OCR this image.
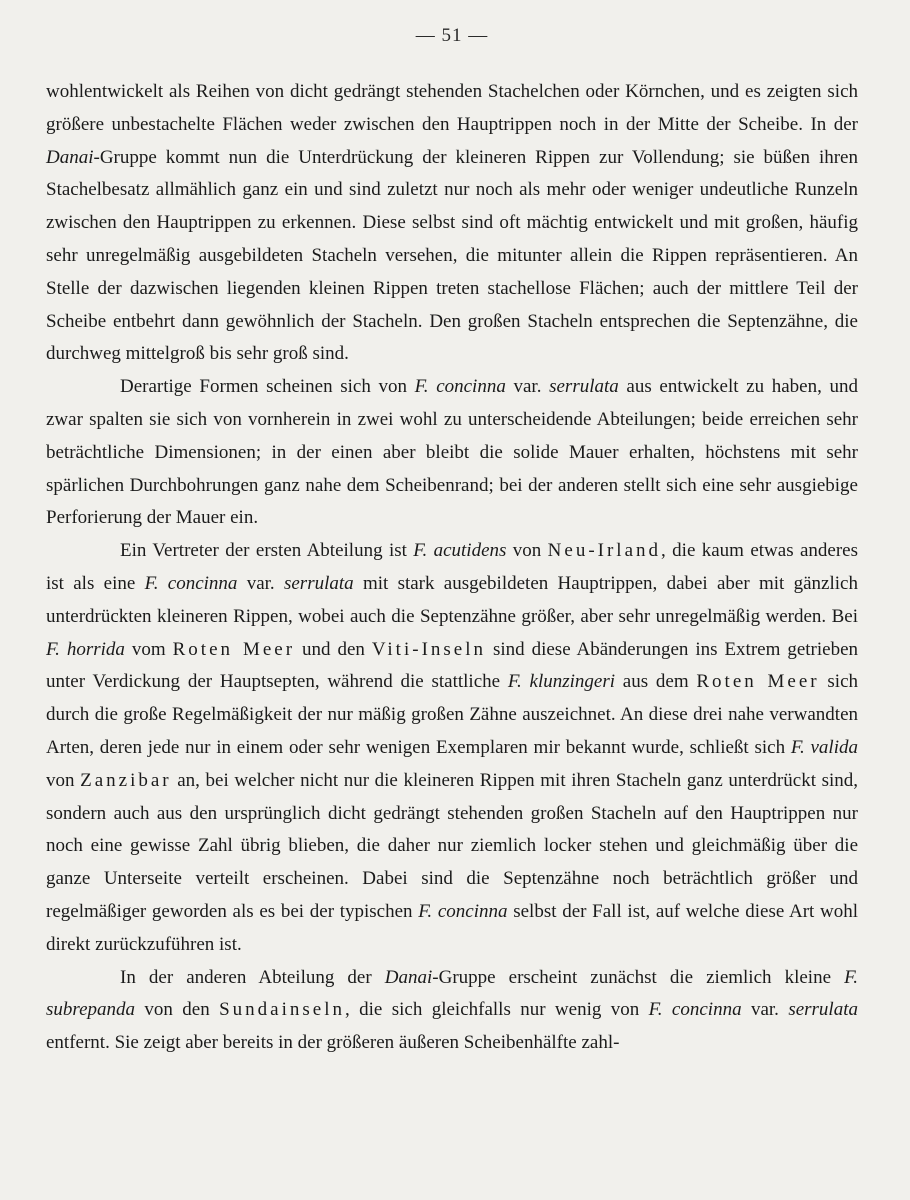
— 51 —

wohlentwickelt als Reihen von dicht gedrängt stehenden Stachelchen oder Körnchen, und es zeigten sich größere unbestachelte Flächen weder zwischen den Hauptrippen noch in der Mitte der Scheibe. In der Danai-Gruppe kommt nun die Unterdrückung der kleineren Rippen zur Vollendung; sie büßen ihren Stachelbesatz allmählich ganz ein und sind zuletzt nur noch als mehr oder weniger undeutliche Runzeln zwischen den Hauptrippen zu erkennen. Diese selbst sind oft mächtig entwickelt und mit großen, häufig sehr unregelmäßig ausgebildeten Stacheln versehen, die mitunter allein die Rippen repräsentieren. An Stelle der dazwischen liegenden kleinen Rippen treten stachellose Flächen; auch der mittlere Teil der Scheibe entbehrt dann gewöhnlich der Stacheln. Den großen Stacheln entsprechen die Septenzähne, die durchweg mittelgroß bis sehr groß sind.

Derartige Formen scheinen sich von F. concinna var. serrulata aus entwickelt zu haben, und zwar spalten sie sich von vornherein in zwei wohl zu unterscheidende Abteilungen; beide erreichen sehr beträchtliche Dimensionen; in der einen aber bleibt die solide Mauer erhalten, höchstens mit sehr spärlichen Durchbohrungen ganz nahe dem Scheibenrand; bei der anderen stellt sich eine sehr ausgiebige Perforierung der Mauer ein.

Ein Vertreter der ersten Abteilung ist F. acutidens von Neu-Irland, die kaum etwas anderes ist als eine F. concinna var. serrulata mit stark ausgebildeten Hauptrippen, dabei aber mit gänzlich unterdrückten kleineren Rippen, wobei auch die Septenzähne größer, aber sehr unregelmäßig werden. Bei F. horrida vom Roten Meer und den Viti-Inseln sind diese Abänderungen ins Extrem getrieben unter Verdickung der Hauptsepten, während die stattliche F. klunzingeri aus dem Roten Meer sich durch die große Regelmäßigkeit der nur mäßig großen Zähne auszeichnet. An diese drei nahe verwandten Arten, deren jede nur in einem oder sehr wenigen Exemplaren mir bekannt wurde, schließt sich F. valida von Zanzibar an, bei welcher nicht nur die kleineren Rippen mit ihren Stacheln ganz unterdrückt sind, sondern auch aus den ursprünglich dicht gedrängt stehenden großen Stacheln auf den Hauptrippen nur noch eine gewisse Zahl übrig blieben, die daher nur ziemlich locker stehen und gleichmäßig über die ganze Unterseite verteilt erscheinen. Dabei sind die Septenzähne noch beträchtlich größer und regelmäßiger geworden als es bei der typischen F. concinna selbst der Fall ist, auf welche diese Art wohl direkt zurückzuführen ist.

In der anderen Abteilung der Danai-Gruppe erscheint zunächst die ziemlich kleine F. subrepanda von den Sundainseln, die sich gleichfalls nur wenig von F. concinna var. serrulata entfernt. Sie zeigt aber bereits in der größeren äußeren Scheibenhälfte zahl-
